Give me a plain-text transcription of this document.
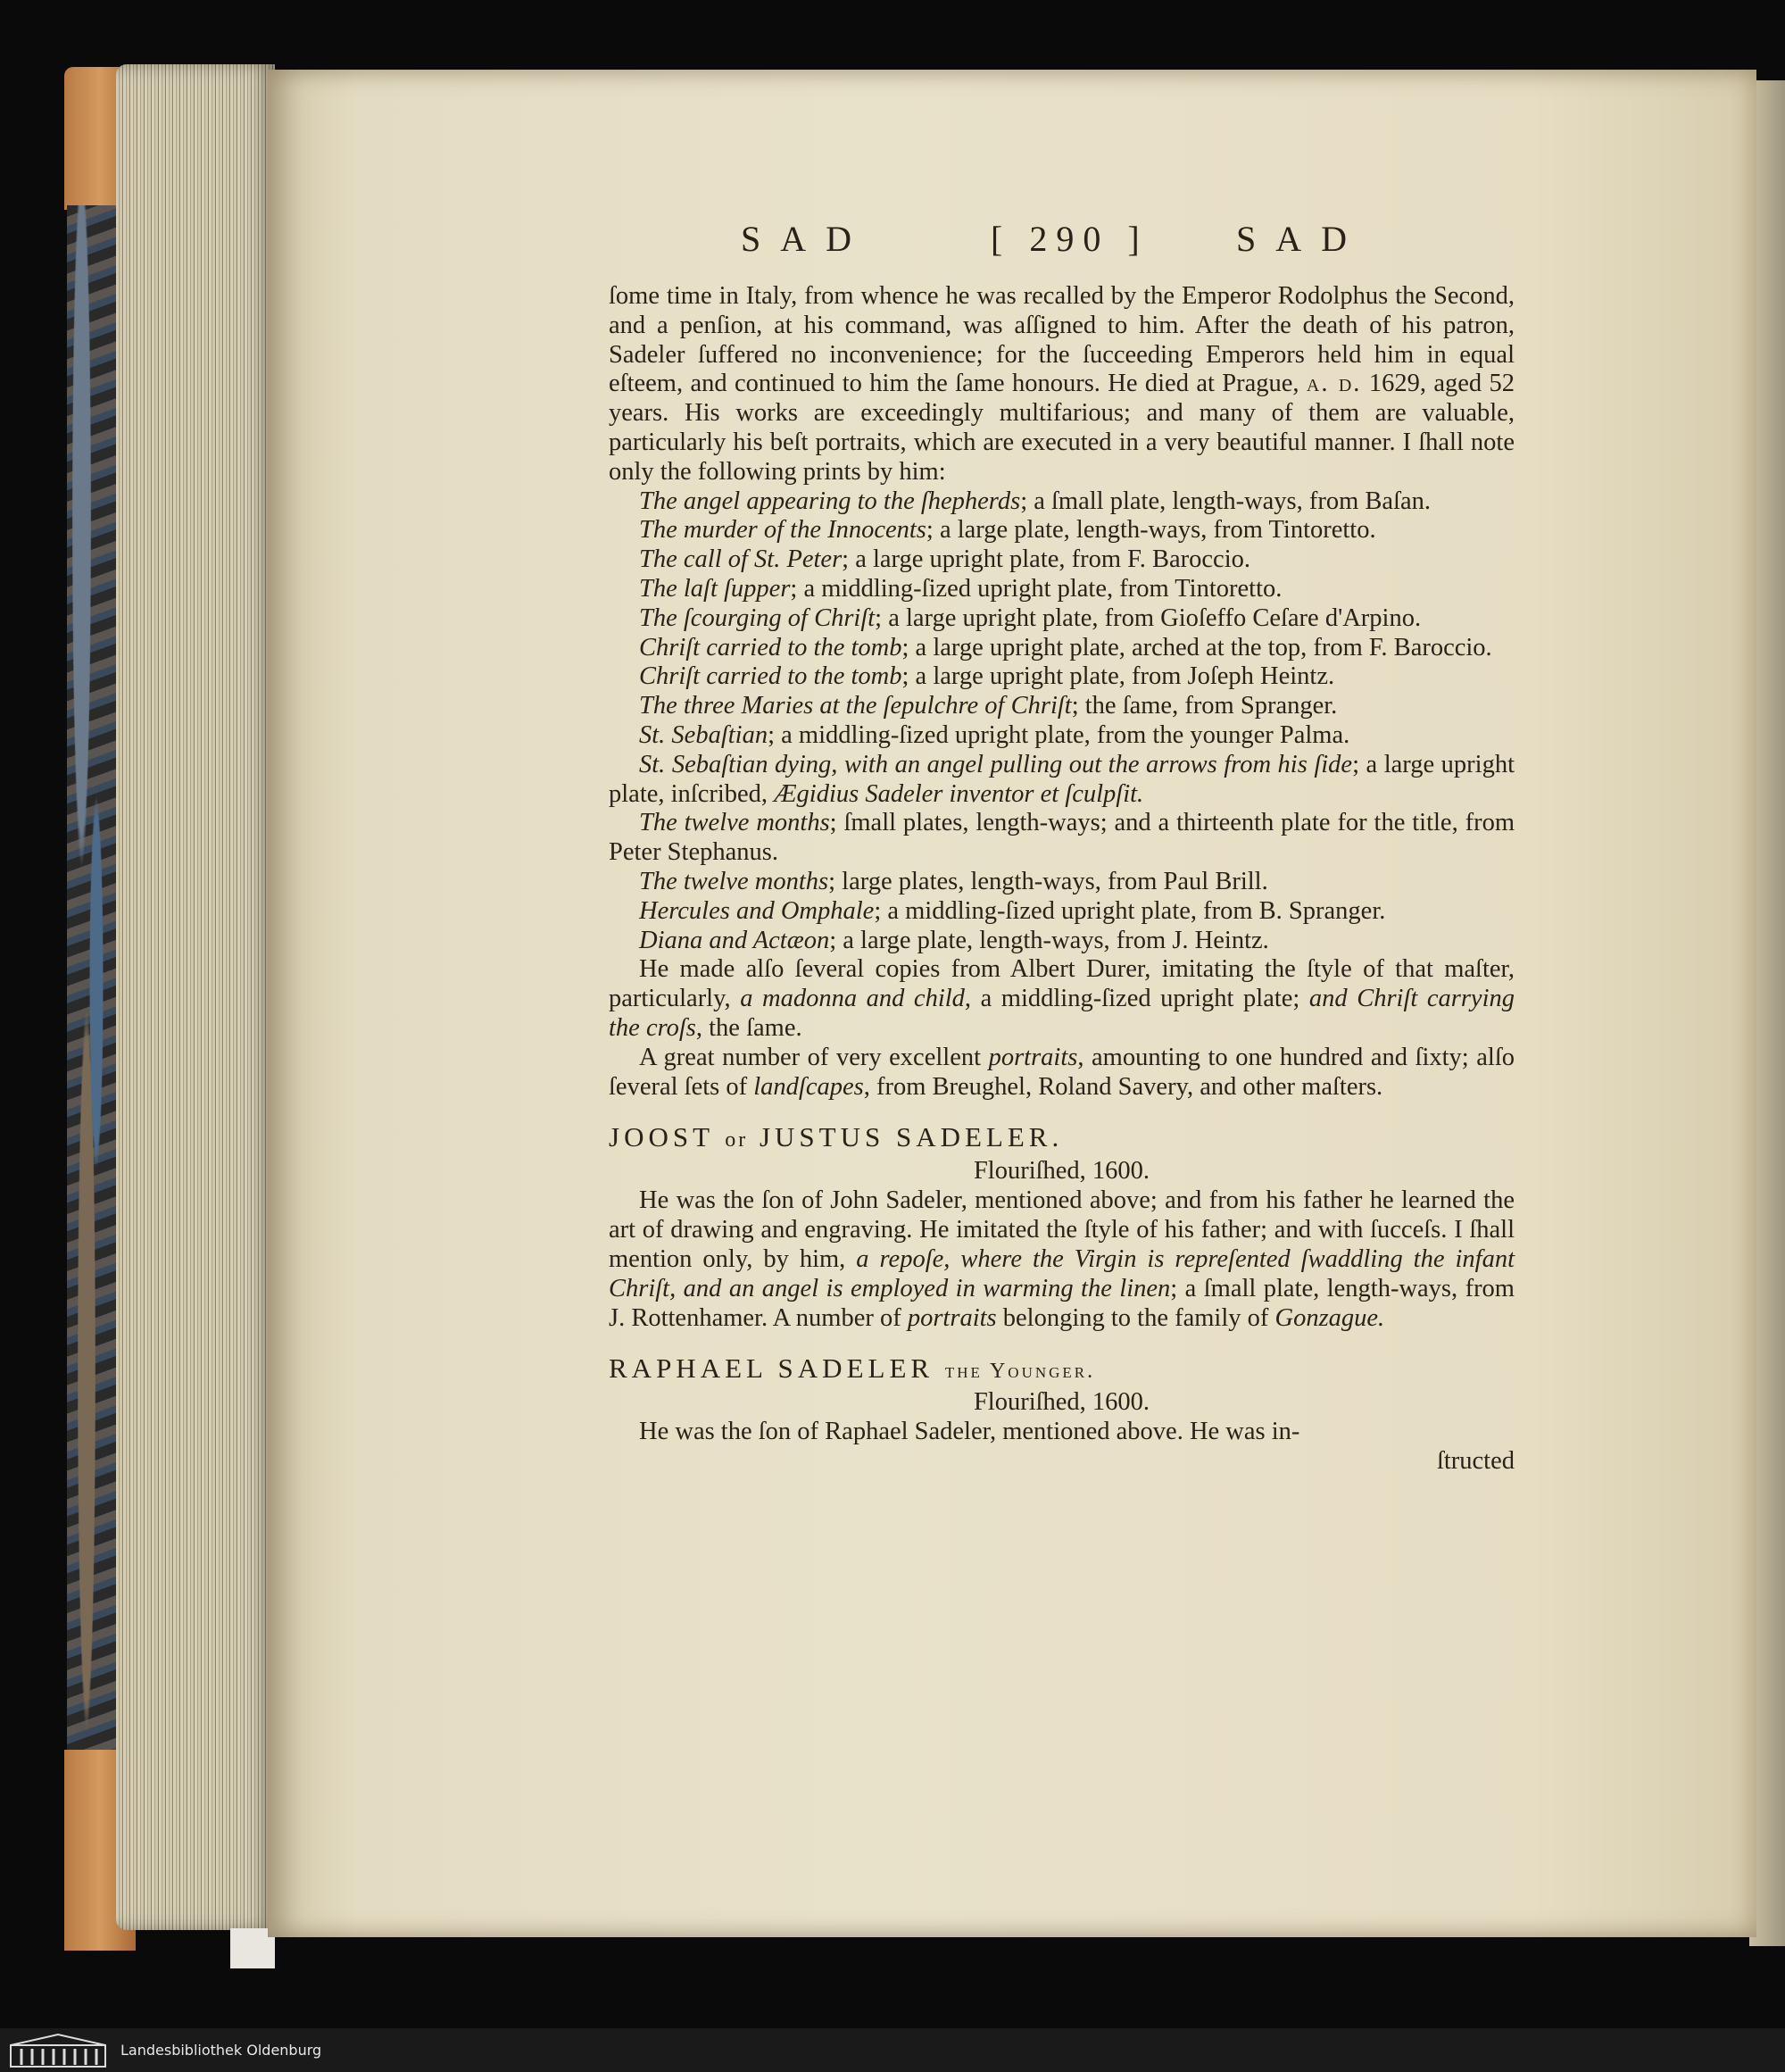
SAD	[ 290 ] SAD

ſome time in Italy, from whence he was recalled by the Emperor Rodolphus the Second, and a penſion, at his command, was aſſigned to him. After the death of his patron, Sadeler ſuffered no inconvenience; for the ſucceeding Emperors held him in equal eſteem, and continued to him the ſame honours. He died at Prague, a. d. 1629, aged 52 years. His works are exceedingly multifarious; and many of them are valuable, particularly his beſt portraits, which are executed in a very beautiful manner. I ſhall note only the following prints by him:

The angel appearing to the ſhepherds; a ſmall plate, length-ways, from Baſan.

The murder of the Innocents; a large plate, length-ways, from Tintoretto.

The call of St. Peter; a large upright plate, from F. Baroccio.

The laſt ſupper; a middling-ſized upright plate, from Tintoretto.

The ſcourging of Chriſt; a large upright plate, from Gioſeffo Ceſare d'Arpino.

Chriſt carried to the tomb; a large upright plate, arched at the top, from F. Baroccio.

Chriſt carried to the tomb; a large upright plate, from Joſeph Heintz.

The three Maries at the ſepulchre of Chriſt; the ſame, from Spranger.

St. Sebaſtian; a middling-ſized upright plate, from the younger Palma.

St. Sebaſtian dying, with an angel pulling out the arrows from his ſide; a large upright plate, inſcribed, Ægidius Sadeler inventor et ſculpſit.

The twelve months; ſmall plates, length-ways; and a thirteenth plate for the title, from Peter Stephanus.

The twelve months; large plates, length-ways, from Paul Brill.

Hercules and Omphale; a middling-ſized upright plate, from B. Spranger.

Diana and Actæon; a large plate, length-ways, from J. Heintz.

He made alſo ſeveral copies from Albert Durer, imitating the ſtyle of that maſter, particularly, a madonna and child, a middling-ſized upright plate; and Chriſt carrying the croſs, the ſame.

A great number of very excellent portraits, amounting to one hundred and ſixty; alſo ſeveral ſets of landſcapes, from Breughel, Roland Savery, and other maſters.

JOOST or JUSTUS SADELER.

Flouriſhed, 1600.

He was the ſon of John Sadeler, mentioned above; and from his father he learned the art of drawing and engraving. He imitated the ſtyle of his father; and with ſucceſs. I ſhall mention only, by him, a repoſe, where the Virgin is repreſented ſwaddling the infant Chriſt, and an angel is employed in warming the linen; a ſmall plate, length-ways, from J. Rottenhamer. A number of portraits belonging to the family of Gonzague.

RAPHAEL SADELER the Younger.

Flouriſhed, 1600.

He was the ſon of Raphael Sadeler, mentioned above. He was in-

ſtructed

Landesbibliothek Oldenburg
